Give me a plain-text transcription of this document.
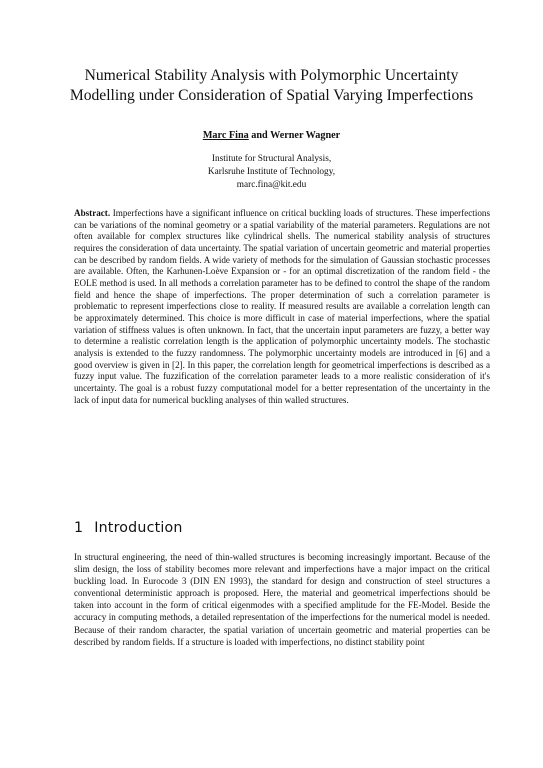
Numerical Stability Analysis with Polymorphic Uncertainty Modelling under Consideration of Spatial Varying Imperfections
Marc Fina and Werner Wagner
Institute for Structural Analysis,
Karlsruhe Institute of Technology,
marc.fina@kit.edu

Abstract. Imperfections have a significant influence on critical buckling loads of structures. These imperfections can be variations of the nominal geometry or a spatial variability of the material parameters. Regulations are not often available for complex structures like cylindrical shells. The numerical stability analysis of structures requires the consideration of data uncertainty. The spatial variation of uncertain geometric and material properties can be described by random fields. A wide variety of methods for the simulation of Gaussian stochastic processes are available. Often, the Karhunen-Loève Expansion or - for an optimal discretization of the random field - the EOLE method is used. In all methods a correlation parameter has to be defined to control the shape of the random field and hence the shape of imperfections. The proper determination of such a correlation parameter is problematic to represent imperfections close to reality. If measured results are available a correlation length can be approximately determined. This choice is more difficult in case of material imperfections, where the spatial variation of stiffness values is often unknown. In fact, that the uncertain input parameters are fuzzy, a better way to determine a realistic correlation length is the application of polymorphic uncertainty models. The stochastic analysis is extended to the fuzzy randomness. The polymorphic uncertainty models are introduced in [6] and a good overview is given in [2]. In this paper, the correlation length for geometrical imperfections is described as a fuzzy input value. The fuzzification of the correlation parameter leads to a more realistic consideration of it's uncertainty. The goal is a robust fuzzy computational model for a better representation of the uncertainty in the lack of input data for numerical buckling analyses of thin walled structures.

1 Introduction

In structural engineering, the need of thin-walled structures is becoming increasingly important. Because of the slim design, the loss of stability becomes more relevant and imperfections have a major impact on the critical buckling load. In Eurocode 3 (DIN EN 1993), the standard for design and construction of steel structures a conventional deterministic approach is proposed. Here, the material and geometrical imperfections should be taken into account in the form of critical eigenmodes with a specified amplitude for the FE-Model. Beside the accuracy in computing methods, a detailed representation of the imperfections for the numerical model is needed. Because of their random character, the spatial variation of uncertain geometric and material properties can be described by random fields. If a structure is loaded with imperfections, no distinct stability point
